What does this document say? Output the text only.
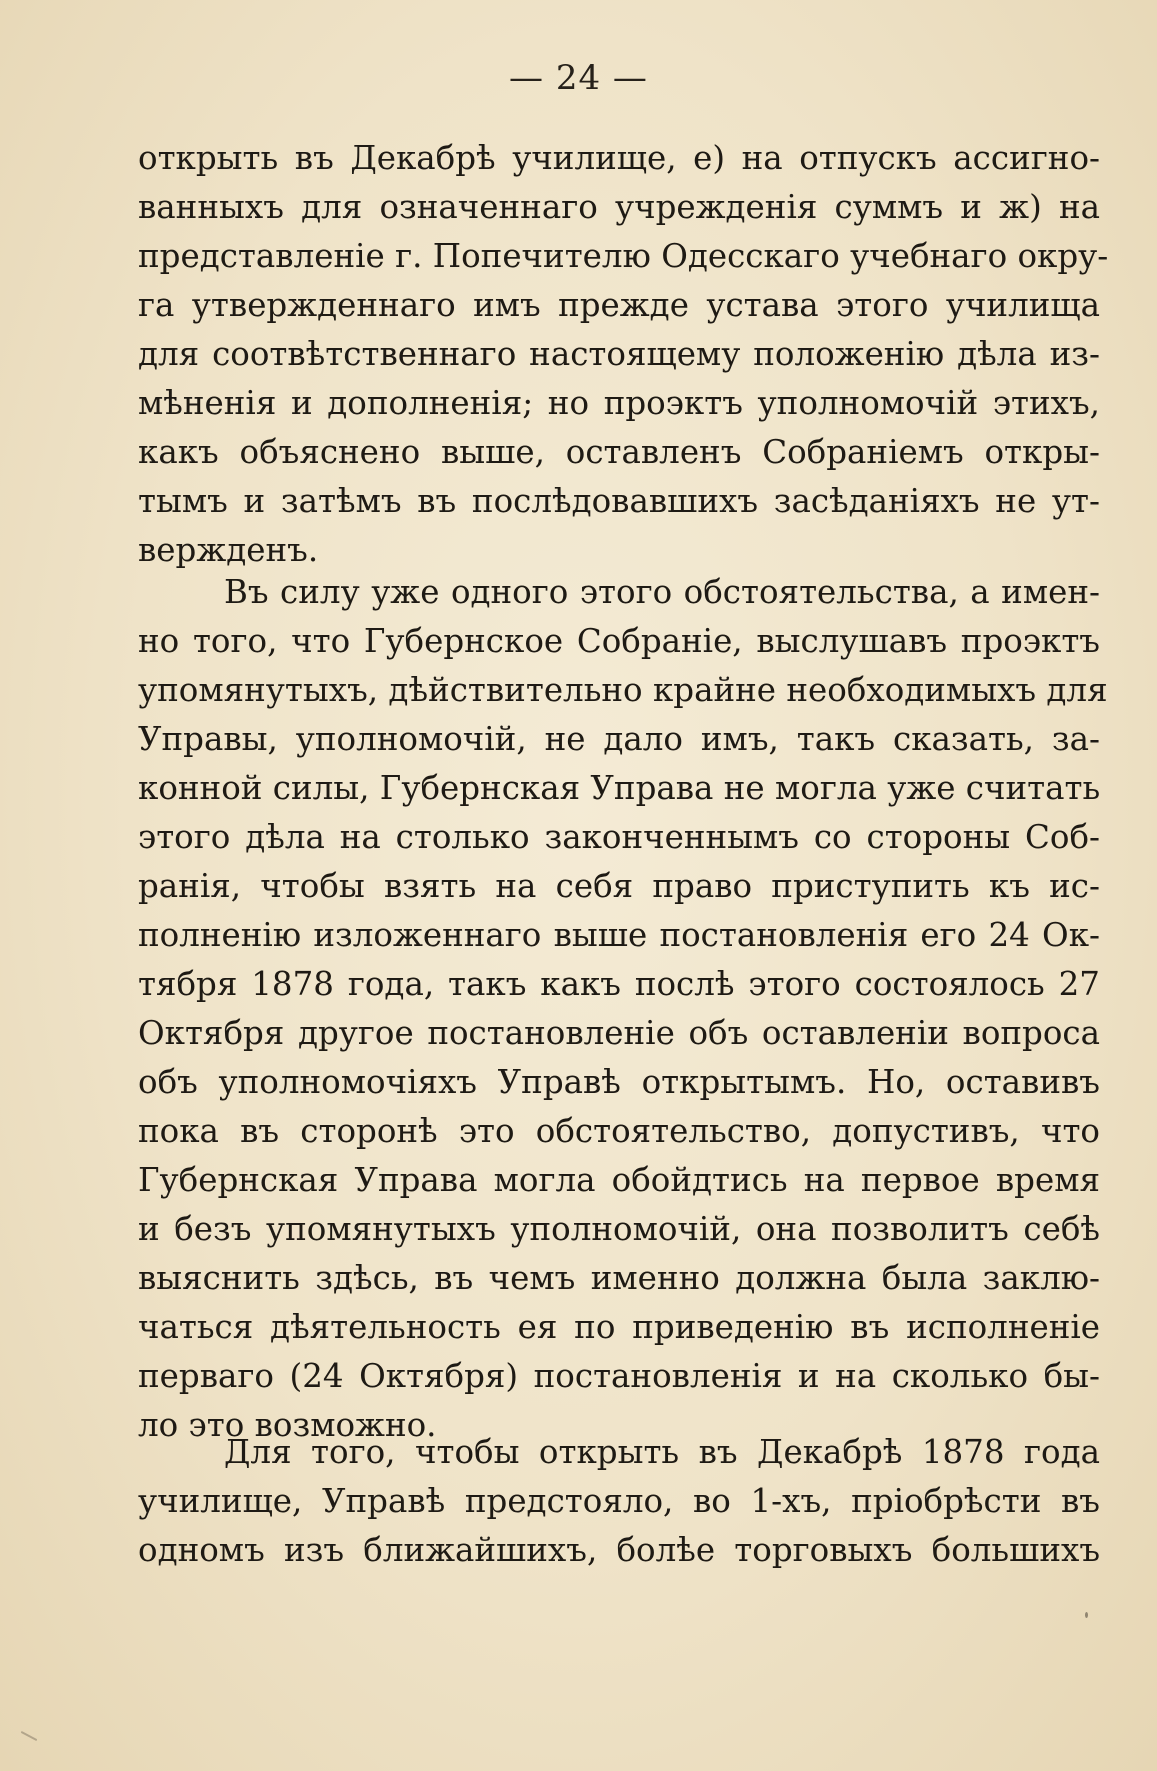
— 24 —
открыть въ Декабрѣ училище, е) на отпускъ ассигно-
ванныхъ для означеннаго учрежденія суммъ и ж) на
представленіе г. Попечителю Одесскаго учебнаго окру-
га утвержденнаго имъ прежде устава этого училища
для соотвѣтственнаго настоящему положенію дѣла из-
мѣненія и дополненія; но проэктъ уполномочій этихъ,
какъ объяснено выше, оставленъ Собраніемъ откры-
тымъ и затѣмъ въ послѣдовавшихъ засѣданіяхъ не ут-
вержденъ.
Въ силу уже одного этого обстоятельства, а имен-
но того, что Губернское Собраніе, выслушавъ проэктъ
упомянутыхъ, дѣйствительно крайне необходимыхъ для
Управы, уполномочій, не дало имъ, такъ сказать, за-
конной силы, Губернская Управа не могла уже считать
этого дѣла на столько законченнымъ со стороны Соб-
ранія, чтобы взять на себя право приступить къ ис-
полненію изложеннаго выше постановленія его 24 Ок-
тября 1878 года, такъ какъ послѣ этого состоялось 27
Октября другое постановленіе объ оставленіи вопроса
объ уполномочіяхъ Управѣ открытымъ. Но, оставивъ
пока въ сторонѣ это обстоятельство, допустивъ, что
Губернская Управа могла обойдтись на первое время
и безъ упомянутыхъ уполномочій, она позволитъ себѣ
выяснить здѣсь, въ чемъ именно должна была заклю-
чаться дѣятельность ея по приведенію въ исполненіе
перваго (24 Октября) постановленія и на сколько бы-
ло это возможно.
Для того, чтобы открыть въ Декабрѣ 1878 года
училище, Управѣ предстояло, во 1-хъ, пріобрѣсти въ
одномъ изъ ближайшихъ, болѣе торговыхъ большихъ
